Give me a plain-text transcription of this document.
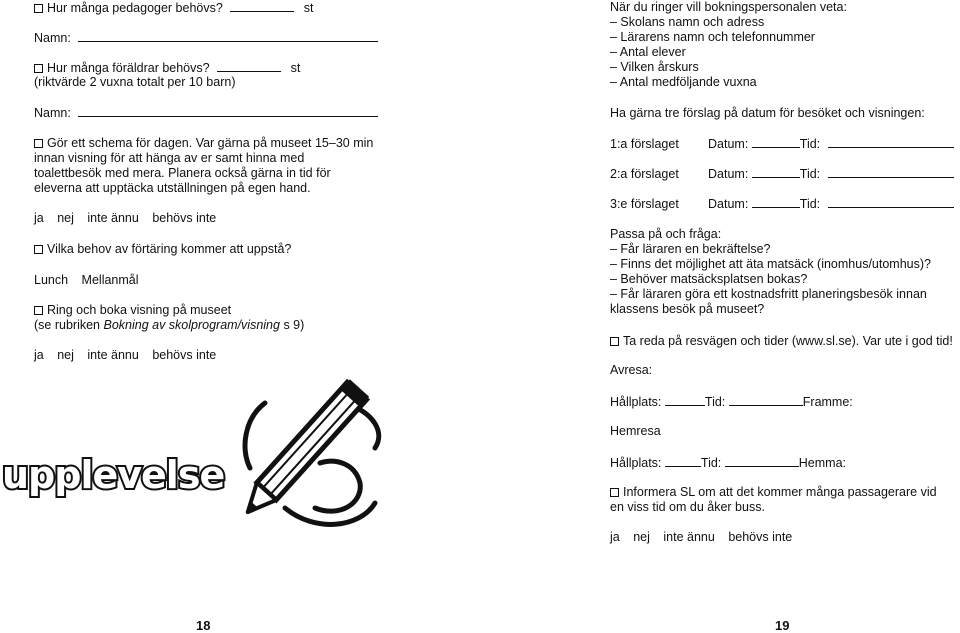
Hur många pedagoger behövs?	st
Namn:
Hur många föräldrar behövs?	st
(riktvärde 2 vuxna totalt per 10 barn)
Namn:
Gör ett schema för dagen. Var gärna på museet 15–30 min innan visning för att hänga av er samt hinna med toalettbesök med mera. Planera också gärna in tid för eleverna att upptäcka utställningen på egen hand.
ja nej inte ännu behövs inte
Vilka behov av förtäring kommer att uppstå?
Lunch Mellanmål
Ring och boka visning på museet
(se rubriken Bokning av skolprogram/visning s 9)
ja nej inte ännu behövs inte
upplevelse
18
När du ringer vill bokningspersonalen veta:
– Skolans namn och adress
– Lärarens namn och telefonnummer
– Antal elever
– Vilken årskurs
– Antal medföljande vuxna
Ha gärna tre förslag på datum för besöket och visningen:
1:a förslaget Datum:	Tid:
2:a förslaget Datum:	Tid:
3:e förslaget Datum:	Tid:
Passa på och fråga:
– Får läraren en bekräftelse?
– Finns det möjlighet att äta matsäck (inomhus/utomhus)?
– Behöver matsäcksplatsen bokas?
– Får läraren göra ett kostnadsfritt planeringsbesök innan klassens besök på museet?
Ta reda på resvägen och tider (www.sl.se). Var ute i god tid!
Avresa:
Hållplats:	Tid:	Framme:
Hemresa
Hållplats:	Tid:	Hemma:
Informera SL om att det kommer många passagerare vid en viss tid om du åker buss.
ja nej inte ännu behövs inte
19
